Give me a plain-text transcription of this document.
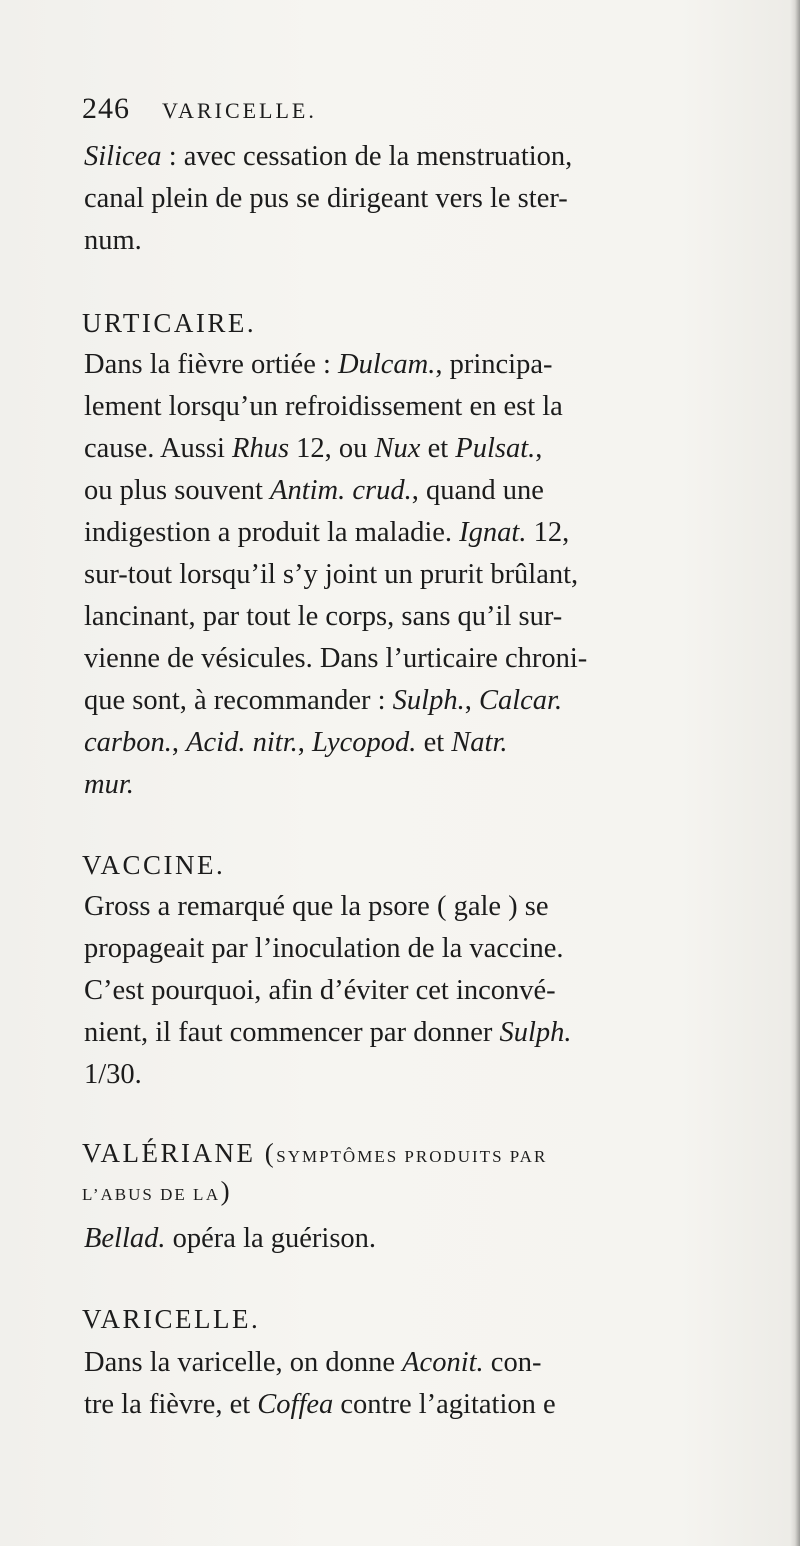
246 VARICELLE.
Silicea : avec cessation de la menstruation,
canal plein de pus se dirigeant vers le ster-
num.
URTICAIRE.
Dans la fièvre ortiée : Dulcam., principa-
lement lorsqu’un refroidissement en est la
cause. Aussi Rhus 12, ou Nux et Pulsat.,
ou plus souvent Antim. crud., quand une
indigestion a produit la maladie. Ignat. 12,
sur-tout lorsqu’il s’y joint un prurit brûlant,
lancinant, par tout le corps, sans qu’il sur-
vienne de vésicules. Dans l’urticaire chroni-
que sont, à recommander : Sulph., Calcar.
carbon., Acid. nitr., Lycopod. et Natr.
mur.
VACCINE.
Gross a remarqué que la psore ( gale ) se
propageait par l’inoculation de la vaccine.
C’est pourquoi, afin d’éviter cet inconvé-
nient, il faut commencer par donner Sulph.
1/30.
VALÉRIANE (SYMPTÔMES PRODUITS PAR
L’ABUS DE LA)
Bellad. opéra la guérison.
VARICELLE.
Dans la varicelle, on donne Aconit. con-
tre la fièvre, et Coffea contre l’agitation e
